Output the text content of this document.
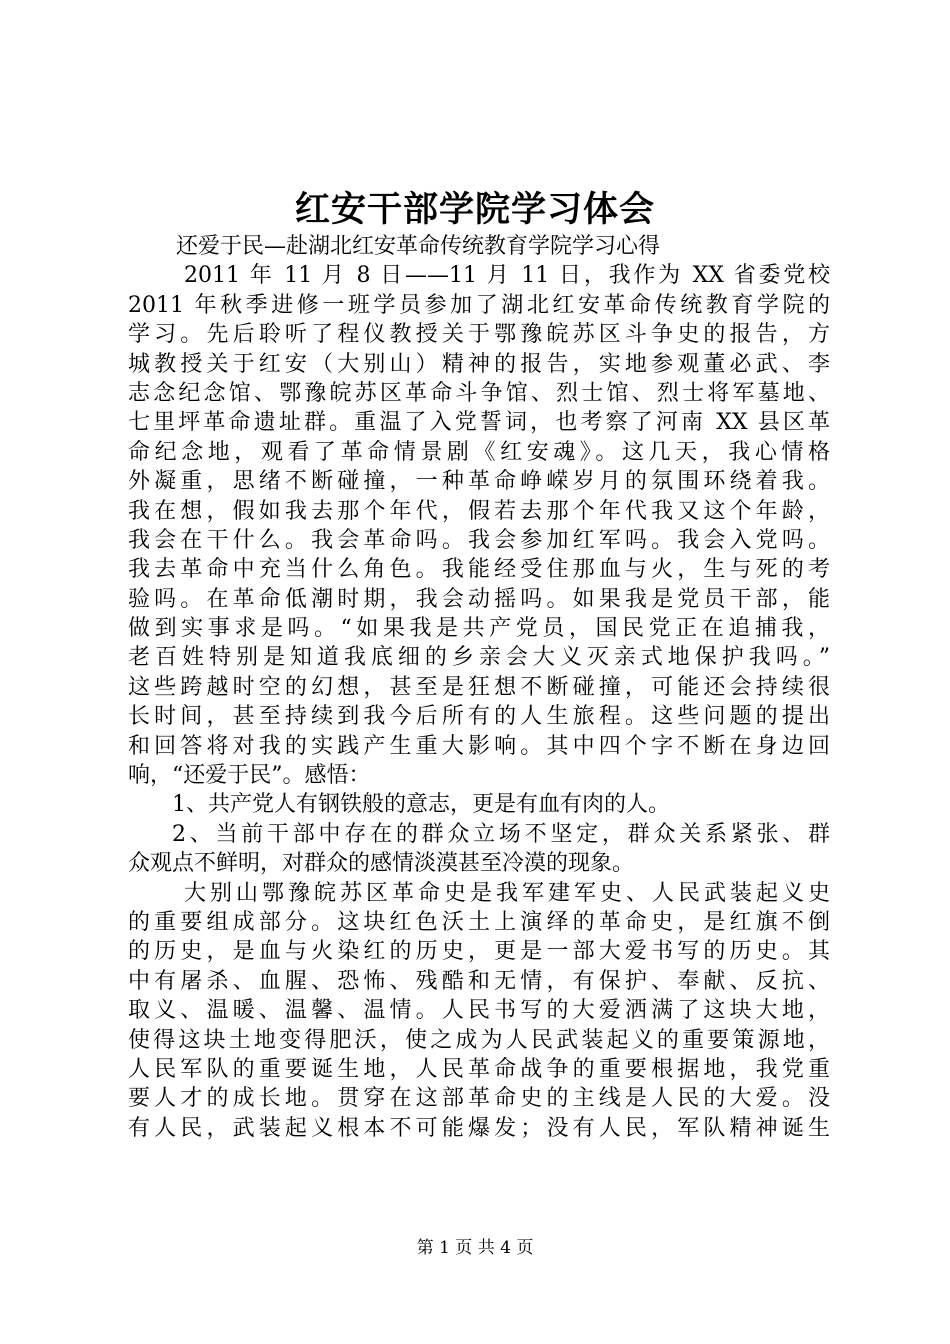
红安干部学院学习体会
还爱于民—赴湖北红安革命传统教育学院学习心得
2011 年 11 月 8 日——11 月 11 日，我作为 XX 省委党校
2011 年秋季进修一班学员参加了湖北红安革命传统教育学院的
学习。先后聆听了程仪教授关于鄂豫皖苏区斗争史的报告，方
城教授关于红安（大别山）精神的报告，实地参观董必武、李
志念纪念馆、鄂豫皖苏区革命斗争馆、烈士馆、烈士将军墓地、
七里坪革命遗址群。重温了入党誓词，也考察了河南 XX 县区革
命纪念地，观看了革命情景剧《红安魂》。这几天，我心情格
外凝重，思绪不断碰撞，一种革命峥嵘岁月的氛围环绕着我。
我在想，假如我去那个年代，假若去那个年代我又这个年龄，
我会在干什么。我会革命吗。我会参加红军吗。我会入党吗。
我去革命中充当什么角色。我能经受住那血与火，生与死的考
验吗。在革命低潮时期，我会动摇吗。如果我是党员干部，能
做到实事求是吗。“如果我是共产党员，国民党正在追捕我，
老百姓特别是知道我底细的乡亲会大义灭亲式地保护我吗。”
这些跨越时空的幻想，甚至是狂想不断碰撞，可能还会持续很
长时间，甚至持续到我今后所有的人生旅程。这些问题的提出
和回答将对我的实践产生重大影响。其中四个字不断在身边回
响，“还爱于民”。感悟：
1、共产党人有钢铁般的意志，更是有血有肉的人。
2、当前干部中存在的群众立场不坚定，群众关系紧张、群
众观点不鲜明，对群众的感情淡漠甚至冷漠的现象。
大别山鄂豫皖苏区革命史是我军建军史、人民武装起义史
的重要组成部分。这块红色沃土上演绎的革命史，是红旗不倒
的历史，是血与火染红的历史，更是一部大爱书写的历史。其
中有屠杀、血腥、恐怖、残酷和无情，有保护、奉献、反抗、
取义、温暖、温馨、温情。人民书写的大爱洒满了这块大地，
使得这块土地变得肥沃，使之成为人民武装起义的重要策源地，
人民军队的重要诞生地，人民革命战争的重要根据地，我党重
要人才的成长地。贯穿在这部革命史的主线是人民的大爱。没
有人民，武装起义根本不可能爆发；没有人民，军队精神诞生
第 1 页 共 4 页
